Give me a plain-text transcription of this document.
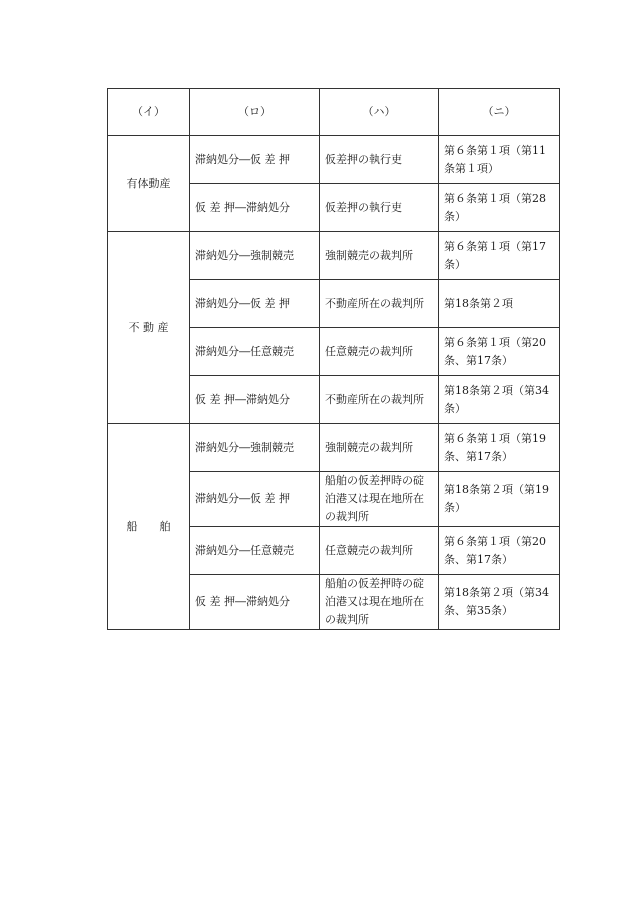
（イ）	（ロ）	（ハ）	（ニ）
有体動産	滞納処分―仮 差 押	仮差押の執行吏	第６条第１項（第11条第１項）
	仮 差 押―滞納処分	仮差押の執行吏	第６条第１項（第28条）
不 動 産	滞納処分―強制競売	強制競売の裁判所	第６条第１項（第17条）
	滞納処分―仮 差 押	不動産所在の裁判所	第18条第２項
	滞納処分―任意競売	任意競売の裁判所	第６条第１項（第20条、第17条）
	仮 差 押―滞納処分	不動産所在の裁判所	第18条第２項（第34条）
船　　舶	滞納処分―強制競売	強制競売の裁判所	第６条第１項（第19条、第17条）
	滞納処分―仮 差 押	船舶の仮差押時の碇泊港又は現在地所在の裁判所	第18条第２項（第19条）
	滞納処分―任意競売	任意競売の裁判所	第６条第１項（第20条、第17条）
	仮 差 押―滞納処分	船舶の仮差押時の碇泊港又は現在地所在の裁判所	第18条第２項（第34条、第35条）
